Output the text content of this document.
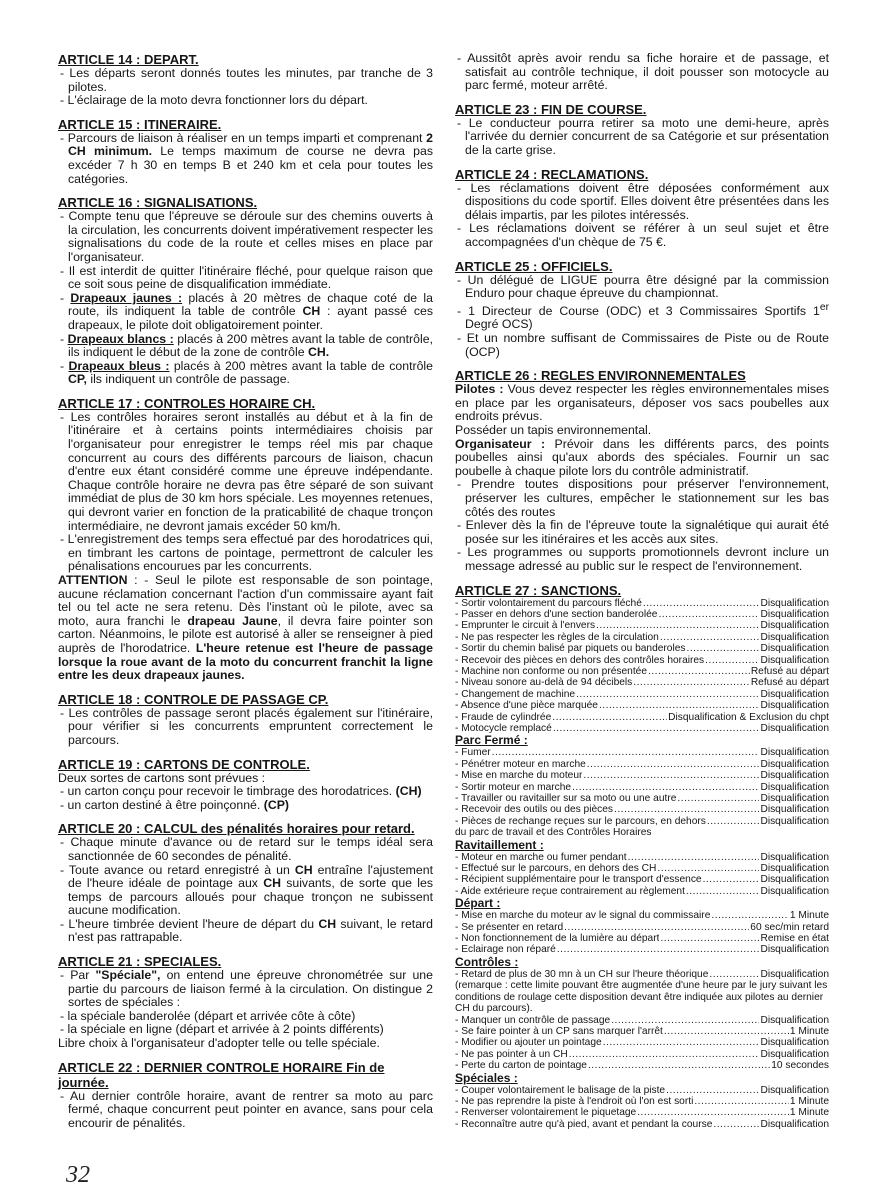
ARTICLE 14 : DEPART.

- Les départs seront donnés toutes les minutes, par tranche de 3 pilotes.

- L'éclairage de la moto devra fonctionner lors du départ.

ARTICLE 15 : ITINERAIRE.

- Parcours de liaison à réaliser en un temps imparti et comprenant 2 CH minimum. Le temps maximum de course ne devra pas excéder 7 h 30 en temps B et 240 km et cela pour toutes les catégories.

ARTICLE 16 : SIGNALISATIONS.

- Compte tenu que l'épreuve se déroule sur des chemins ouverts à la circulation, les concurrents doivent impérativement respecter les signalisations du code de la route et celles mises en place par l'organisateur.

- Il est interdit de quitter l'itinéraire fléché, pour quelque raison que ce soit sous peine de disqualification immédiate.

- Drapeaux jaunes : placés à 20 mètres de chaque coté de la route, ils indiquent la table de contrôle CH : ayant passé ces drapeaux, le pilote doit obligatoirement pointer.

- Drapeaux blancs : placés à 200 mètres avant la table de contrôle, ils indiquent le début de la zone de contrôle CH.

- Drapeaux bleus : placés à 200 mètres avant la table de contrôle CP, ils indiquent un contrôle de passage.

ARTICLE 17 : CONTROLES HORAIRE CH.

- Les contrôles horaires seront installés au début et à la fin de l'itinéraire et à certains points intermédiaires choisis par l'organisateur pour enregistrer le temps réel mis par chaque concurrent au cours des différents parcours de liaison, chacun d'entre eux étant considéré comme une épreuve indépendante. Chaque contrôle horaire ne devra pas être séparé de son suivant immédiat de plus de 30 km hors spéciale. Les moyennes retenues, qui devront varier en fonction de la praticabilité de chaque tronçon intermédiaire, ne devront jamais excéder 50 km/h.

- L'enregistrement des temps sera effectué par des horodatrices qui, en timbrant les cartons de pointage, permettront de calculer les pénalisations encourues par les concurrents.

ATTENTION : - Seul le pilote est responsable de son pointage, aucune réclamation concernant l'action d'un commissaire ayant fait tel ou tel acte ne sera retenu. Dès l'instant où le pilote, avec sa moto, aura franchi le drapeau Jaune, il devra faire pointer son carton. Néanmoins, le pilote est autorisé à aller se renseigner à pied auprès de l'horodatrice. L'heure retenue est l'heure de passage lorsque la roue avant de la moto du concurrent franchit la ligne entre les deux drapeaux jaunes.

ARTICLE 18 : CONTROLE DE PASSAGE CP.

- Les contrôles de passage seront placés également sur l'itinéraire, pour vérifier si les concurrents empruntent correctement le parcours.

ARTICLE 19 : CARTONS DE CONTROLE.

Deux sortes de cartons sont prévues :

- un carton conçu pour recevoir le timbrage des horodatrices. (CH)

- un carton destiné à être poinçonné. (CP)

ARTICLE 20 : CALCUL des pénalités horaires pour retard.

- Chaque minute d'avance ou de retard sur le temps idéal sera sanctionnée de 60 secondes de pénalité.

- Toute avance ou retard enregistré à un CH entraîne l'ajustement de l'heure idéale de pointage aux CH suivants, de sorte que les temps de parcours alloués pour chaque tronçon ne subissent aucune modification.

- L'heure timbrée devient l'heure de départ du CH suivant, le retard n'est pas rattrapable.

ARTICLE 21 : SPECIALES.

- Par "Spéciale", on entend une épreuve chronométrée sur une partie du parcours de liaison fermé à la circulation. On distingue 2 sortes de spéciales :

- la spéciale banderolée (départ et arrivée côte à côte)

- la spéciale en ligne (départ et arrivée à 2 points différents)

Libre choix à l'organisateur d'adopter telle ou telle spéciale.

ARTICLE 22 : DERNIER CONTROLE HORAIRE Fin de journée.

- Au dernier contrôle horaire, avant de rentrer sa moto au parc fermé, chaque concurrent peut pointer en avance, sans pour cela encourir de pénalités.

- Aussitôt après avoir rendu sa fiche horaire et de passage, et satisfait au contrôle technique, il doit pousser son motocycle au parc fermé, moteur arrêté.

ARTICLE 23 : FIN DE COURSE.

- Le conducteur pourra retirer sa moto une demi-heure, après l'arrivée du dernier concurrent de sa Catégorie et sur présentation de la carte grise.

ARTICLE 24 : RECLAMATIONS.

- Les réclamations doivent être déposées conformément aux dispositions du code sportif. Elles doivent être présentées dans les délais impartis, par les pilotes intéressés.

- Les réclamations doivent se référer à un seul sujet et être accompagnées d'un chèque de 75 €.

ARTICLE 25 : OFFICIELS.

- Un délégué de LIGUE pourra être désigné par la commission Enduro pour chaque épreuve du championnat.

- 1 Directeur de Course (ODC) et 3 Commissaires Sportifs 1er Degré OCS)

- Et un nombre suffisant de Commissaires de Piste ou de Route (OCP)

ARTICLE 26 : REGLES ENVIRONNEMENTALES

Pilotes : Vous devez respecter les règles environnementales mises en place par les organisateurs, déposer vos sacs poubelles aux endroits prévus.

Posséder un tapis environnemental.

Organisateur : Prévoir dans les différents parcs, des points poubelles ainsi qu'aux abords des spéciales. Fournir un sac poubelle à chaque pilote lors du contrôle administratif.

- Prendre toutes dispositions pour préserver l'environnement, préserver les cultures, empêcher le stationnement sur les bas côtés des routes

- Enlever dès la fin de l'épreuve toute la signalétique qui aurait été posée sur les itinéraires et les accès aux sites.

- Les programmes ou supports promotionnels devront inclure un message adressé au public sur le respect de l'environnement.

ARTICLE 27 : SANCTIONS.

- Sortir volontairement du parcours fléché .....	Disqualification
- Passer en dehors d'une section banderolée .....	Disqualification
- Emprunter le circuit à l'envers .....	Disqualification
- Ne pas respecter les règles de la circulation .....	Disqualification
- Sortir du chemin balisé par piquets ou banderoles .....	Disqualification
- Recevoir des pièces en dehors des contrôles horaires .....	Disqualification
- Machine non conforme ou non présentée .....	Refusé au départ
- Niveau sonore au-delà de 94 décibels .....	Refusé au départ
- Changement de machine .....	Disqualification
- Absence d'une pièce marquée .....	Disqualification
- Fraude de cylindrée .....	Disqualification & Exclusion du chpt
- Motocycle remplacé .....	Disqualification

Parc Fermé :

- Fumer .....	Disqualification
- Pénétrer moteur en marche .....	Disqualification
- Mise en marche du moteur .....	Disqualification
- Sortir moteur en marche .....	Disqualification
- Travailler ou ravitailler sur sa moto ou une autre .....	Disqualification
- Recevoir des outils ou des pièces .....	Disqualification
- Pièces de rechange reçues sur le parcours, en dehors .....	Disqualification

du parc de travail et des Contrôles Horaires

Ravitaillement :

- Moteur en marche ou fumer pendant .....	Disqualification
- Effectué sur le parcours, en dehors des CH .....	Disqualification
- Récipient supplémentaire pour le transport d'essence .....	Disqualification
- Aide extérieure reçue contrairement au règlement .....	Disqualification

Départ :

- Mise en marche du moteur av le signal du commissaire .....	1 Minute
- Se présenter en retard .....	60 sec/min retard
- Non fonctionnement de la lumière au départ .....	Remise en état
- Eclairage non réparé .....	Disqualification

Contrôles :

- Retard de plus de 30 mn à un CH sur l'heure théorique .....	Disqualification

(remarque : cette limite pouvant être augmentée d'une heure par le jury suivant les conditions de roulage cette disposition devant être indiquée aux pilotes au dernier CH du parcours).

- Manquer un contrôle de passage .....	Disqualification
- Se faire pointer à un CP sans marquer l'arrêt .....	1 Minute
- Modifier ou ajouter un pointage .....	Disqualification
- Ne pas pointer à un CH .....	Disqualification
- Perte du carton de pointage .....	10 secondes

Spéciales :

- Couper volontairement le balisage de la piste .....	Disqualification
- Ne pas reprendre la piste à l'endroit où l'on est sorti .....	1 Minute
- Renverser volontairement le piquetage .....	1 Minute
- Reconnaître autre qu'à pied, avant et pendant la course .....	Disqualification
32
